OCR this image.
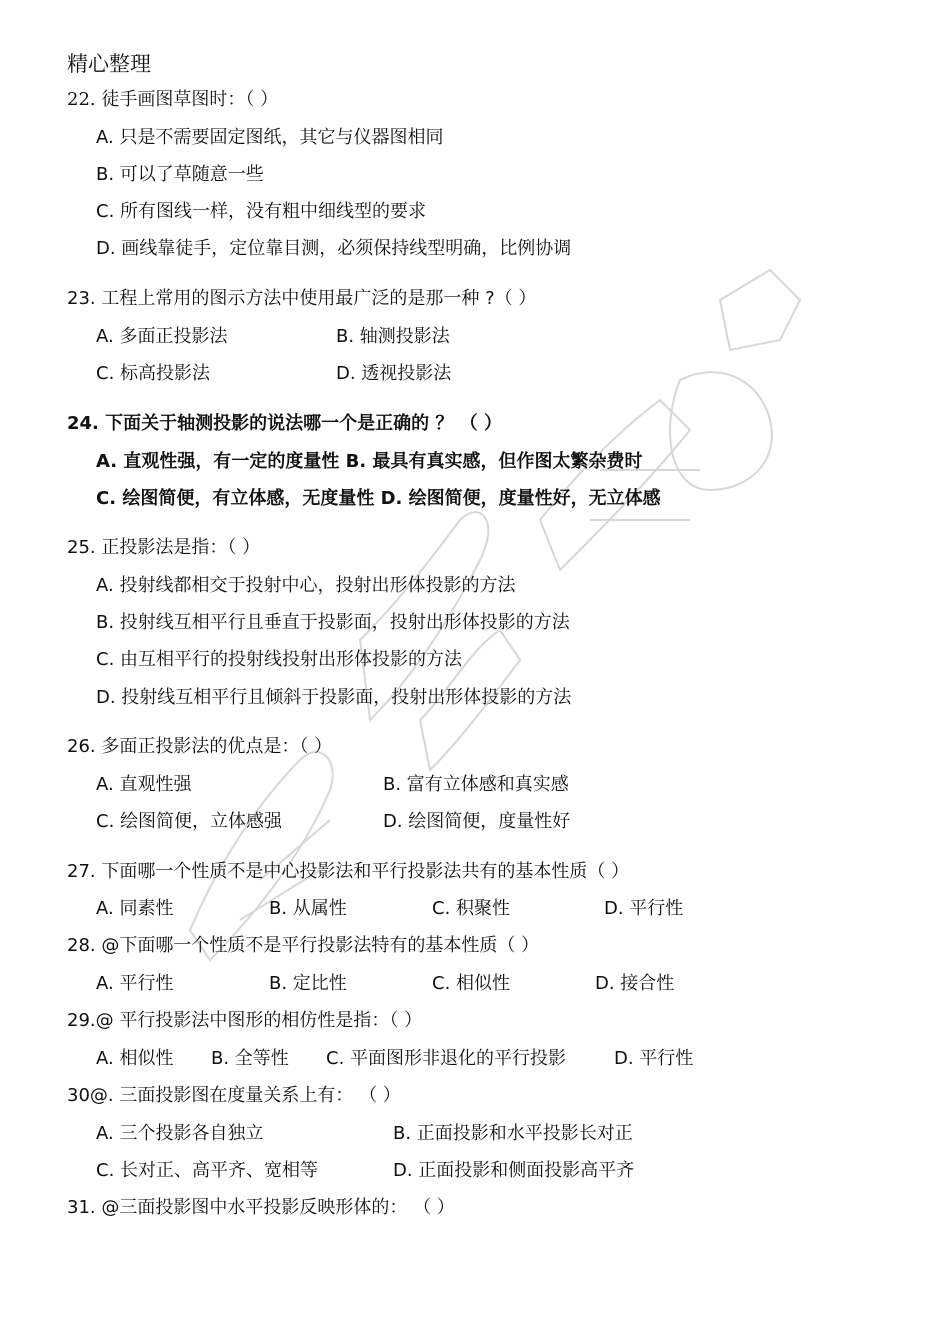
精心整理
22. 徒手画图草图时：（ ）
A. 只是不需要固定图纸，其它与仪器图相同
B. 可以了草随意一些
C. 所有图线一样，没有粗中细线型的要求
D. 画线靠徒手，定位靠目测，必须保持线型明确，比例协调
23. 工程上常用的图示方法中使用最广泛的是那一种 ?（ ）
A. 多面正投影法	B. 轴测投影法
C. 标高投影法	D. 透视投影法
24. 下面关于轴测投影的说法哪一个是正确的 ？ （ ）
A. 直观性强，有一定的度量性 B. 最具有真实感，但作图太繁杂费时
C. 绘图简便，有立体感，无度量性 D. 绘图简便，度量性好，无立体感
25. 正投影法是指：（ ）
A. 投射线都相交于投射中心，投射出形体投影的方法
B. 投射线互相平行且垂直于投影面，投射出形体投影的方法
C. 由互相平行的投射线投射出形体投影的方法
D. 投射线互相平行且倾斜于投影面，投射出形体投影的方法
26. 多面正投影法的优点是：（ ）
A. 直观性强	B. 富有立体感和真实感
C. 绘图简便，立体感强	D. 绘图简便，度量性好
27. 下面哪一个性质不是中心投影法和平行投影法共有的基本性质（ ）
A. 同素性	B. 从属性	C. 积聚性	D. 平行性
28. @下面哪一个性质不是平行投影法特有的基本性质（ ）
A. 平行性	B. 定比性	C. 相似性	D. 接合性
29.@ 平行投影法中图形的相仿性是指：（ ）
A. 相似性 B. 全等性 C. 平面图形非退化的平行投影	D. 平行性
30@. 三面投影图在度量关系上有： （ ）
A. 三个投影各自独立	B. 正面投影和水平投影长对正
C. 长对正、高平齐、宽相等	D. 正面投影和侧面投影高平齐
31. @三面投影图中水平投影反映形体的： （ ）
